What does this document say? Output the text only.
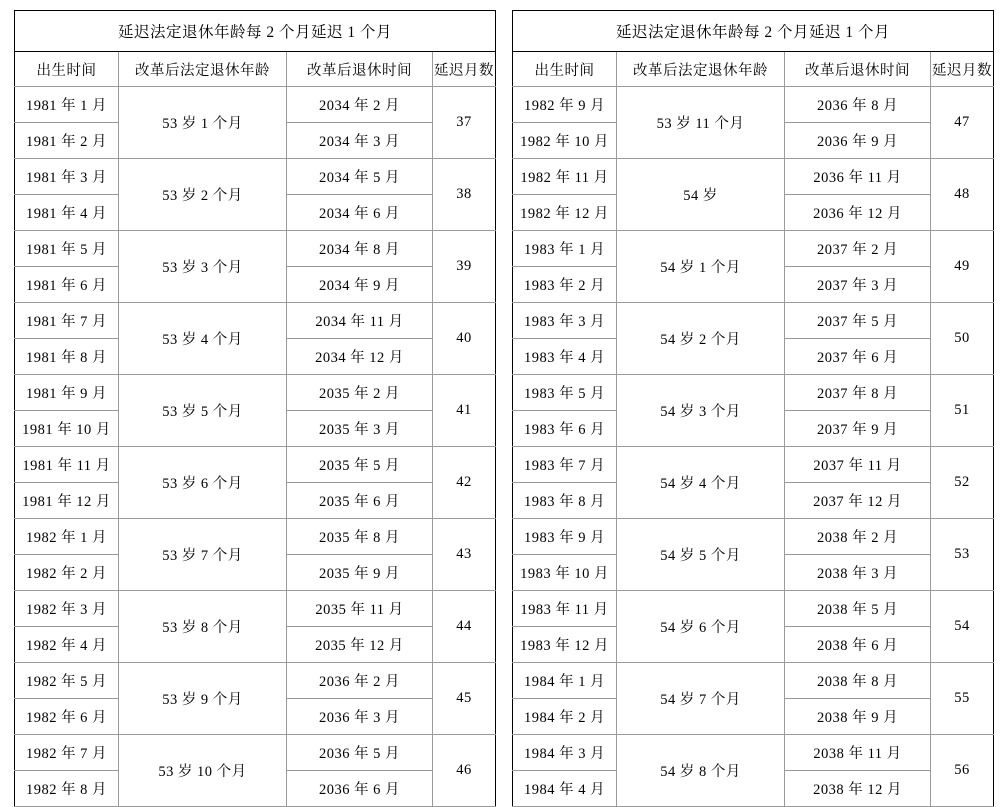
延迟法定退休年龄每 2 个月延迟 1 个月			
出生时间	改革后法定退休年龄	改革后退休时间	延迟月数
1981 年 1 月	53 岁 1 个月	2034 年 2 月	37
1981 年 2 月		2034 年 3 月	
1981 年 3 月	53 岁 2 个月	2034 年 5 月	38
1981 年 4 月		2034 年 6 月	
1981 年 5 月	53 岁 3 个月	2034 年 8 月	39
1981 年 6 月		2034 年 9 月	
1981 年 7 月	53 岁 4 个月	2034 年 11 月	40
1981 年 8 月		2034 年 12 月	
1981 年 9 月	53 岁 5 个月	2035 年 2 月	41
1981 年 10 月		2035 年 3 月	
1981 年 11 月	53 岁 6 个月	2035 年 5 月	42
1981 年 12 月		2035 年 6 月	
1982 年 1 月	53 岁 7 个月	2035 年 8 月	43
1982 年 2 月		2035 年 9 月	
1982 年 3 月	53 岁 8 个月	2035 年 11 月	44
1982 年 4 月		2035 年 12 月	
1982 年 5 月	53 岁 9 个月	2036 年 2 月	45
1982 年 6 月		2036 年 3 月	
1982 年 7 月	53 岁 10 个月	2036 年 5 月	46
1982 年 8 月		2036 年 6 月	
延迟法定退休年龄每 2 个月延迟 1 个月			
出生时间	改革后法定退休年龄	改革后退休时间	延迟月数
1982 年 9 月	53 岁 11 个月	2036 年 8 月	47
1982 年 10 月		2036 年 9 月	
1982 年 11 月	54 岁	2036 年 11 月	48
1982 年 12 月		2036 年 12 月	
1983 年 1 月	54 岁 1 个月	2037 年 2 月	49
1983 年 2 月		2037 年 3 月	
1983 年 3 月	54 岁 2 个月	2037 年 5 月	50
1983 年 4 月		2037 年 6 月	
1983 年 5 月	54 岁 3 个月	2037 年 8 月	51
1983 年 6 月		2037 年 9 月	
1983 年 7 月	54 岁 4 个月	2037 年 11 月	52
1983 年 8 月		2037 年 12 月	
1983 年 9 月	54 岁 5 个月	2038 年 2 月	53
1983 年 10 月		2038 年 3 月	
1983 年 11 月	54 岁 6 个月	2038 年 5 月	54
1983 年 12 月		2038 年 6 月	
1984 年 1 月	54 岁 7 个月	2038 年 8 月	55
1984 年 2 月		2038 年 9 月	
1984 年 3 月	54 岁 8 个月	2038 年 11 月	56
1984 年 4 月		2038 年 12 月	
